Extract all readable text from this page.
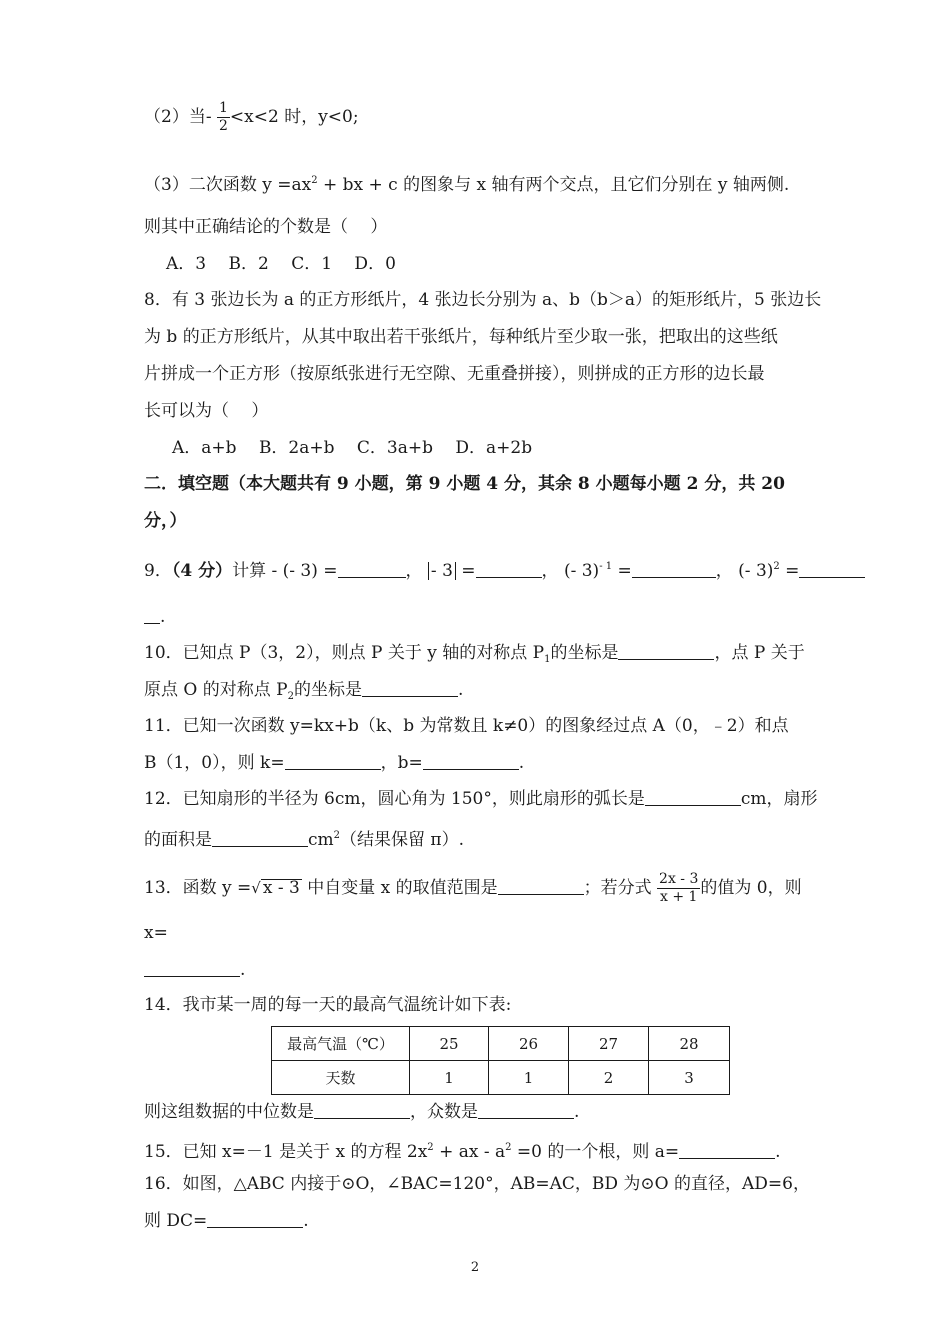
（2）当- $\frac{1}{2} <x<2$ 时，y<0;
（3）二次函数 $y =ax^2$ + bx + c 的图象与 x 轴有两个交点，且它们分别在 y 轴两侧.
则其中正确结论的个数是（　 ）
A．3　 B．2　 C．1　 D．0
8．有 3 张边长为 a 的正方形纸片，4 张边长分别为 a、b（b＞a）的矩形纸片，5 张边长
为 b 的正方形纸片，从其中取出若干张纸片，每种纸片至少取一张，把取出的这些纸
片拼成一个正方形（按原纸张进行无空隙、无重叠拼接），则拼成的正方形的边长最
长可以为（　 ）
A．a+b　 B．2a+b　 C．3a+b　 D．a+2b
二．填空题（本大题共有 9 小题，第 9 小题 4 分，其余 8 小题每小题 2 分，共 20
分，）
9．（4 分）计算 - (- 3) =	， - 3 =	， (- 3)$^{- 1}$ =	， (- 3)$^2$ =
.
10．已知点 P（3，2），则点 P 关于 y 轴的对称点 $P_1$的坐标是	，点 P 关于
原点 O 的对称点 $P_2$的坐标是	.
11．已知一次函数 y=kx+b（k、b 为常数且 k≠0）的图象经过点 A（0，﹣2）和点
B（1，0），则 k=	，b=	.
12．已知扇形的半径为 6cm，圆心角为 150°，则此扇形的弧长是	cm，扇形
的面积是	$cm^2$（结果保留 π）.
13．函数 y =√ x - 3 中自变量 x 的取值范围是	；若分式 $\frac{2x - 3}{x + 1}$ 的值为 0，则
x=
.
14．我市某一周的每一天的最高气温统计如下表:
最高气温（℃）	25	26	27	28
天数	1	1	2	3
则这组数据的中位数是	，众数是	.
15．已知 x=－1 是关于 x 的方程 $2x^2$ + ax - $a^2 =0$ 的一个根，则 a=	.
16．如图，△ABC 内接于⊙O，∠BAC=120°，AB=AC，BD 为⊙O 的直径，AD=6，
则 DC=	.
2
